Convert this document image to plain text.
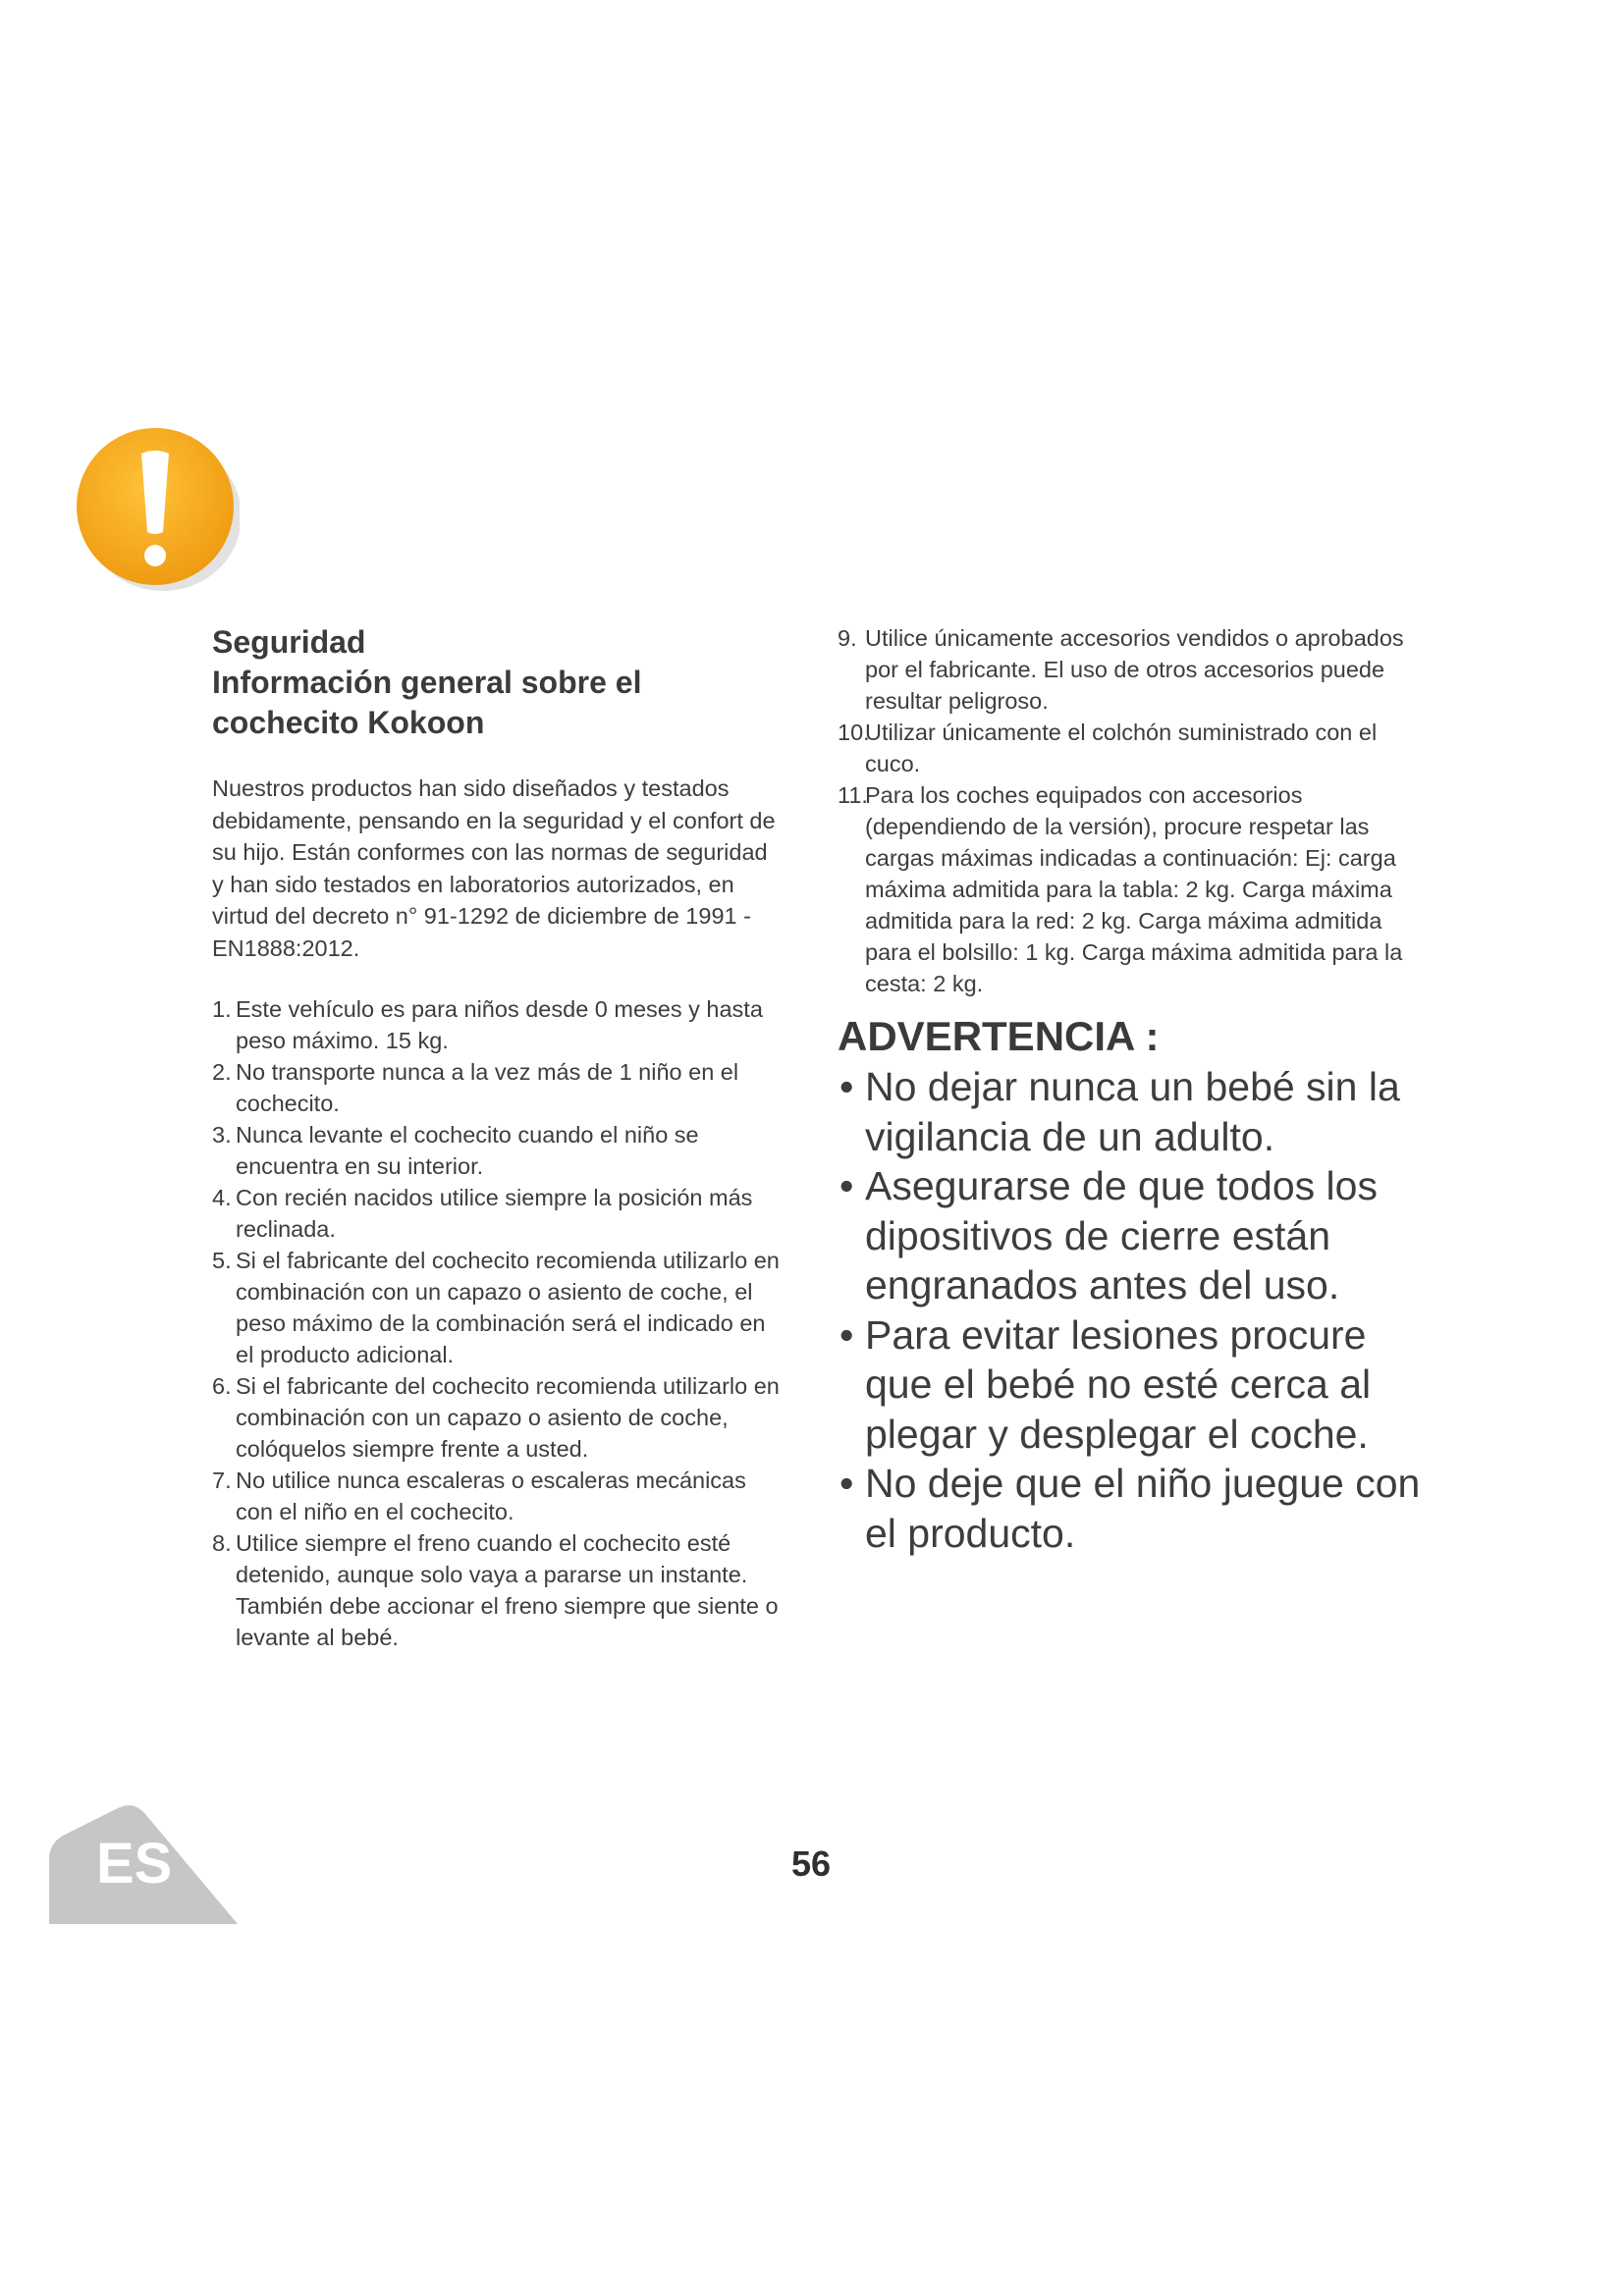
Seguridad
Información general sobre el
cochecito Kokoon

Nuestros productos han sido diseñados y testados debidamente, pensando en la seguridad y el confort de su hijo. Están conformes con las normas de seguridad y han sido testados en laboratorios autorizados, en virtud del decreto n° 91-1292 de diciembre de 1991 - EN1888:2012.

1. Este vehículo es para niños desde 0 meses y hasta peso máximo. 15 kg.
2. No transporte nunca a la vez más de 1 niño en el cochecito.
3. Nunca levante el cochecito cuando el niño se encuentra en su interior.
4. Con recién nacidos utilice siempre la posición más reclinada.
5. Si el fabricante del cochecito recomienda utilizarlo en combinación con un capazo o asiento de coche, el peso máximo de la combinación será el indicado en el producto adicional.
6. Si el fabricante del cochecito recomienda utilizarlo en combinación con un capazo o asiento de coche, colóquelos siempre frente a usted.
7. No utilice nunca escaleras o escaleras mecánicas con el niño en el cochecito.
8. Utilice siempre el freno cuando el cochecito esté detenido, aunque solo vaya a pararse un instante. También debe accionar el freno siempre que siente o levante al bebé.
9. Utilice únicamente accesorios vendidos o aprobados por el fabricante. El uso de otros accesorios puede resultar peligroso.
10.
Utilizar únicamente el colchón suministrado con el cuco.
11.
Para los coches equipados con accesorios (dependiendo de la versión), procure respetar las cargas máximas indicadas a continuación: Ej: carga máxima admitida para la tabla: 2 kg. Carga máxima admitida para la red: 2 kg. Carga máxima admitida para el bolsillo: 1 kg. Carga máxima admitida para la cesta: 2 kg.
ADVERTENCIA :
• No dejar nunca un bebé sin la vigilancia de un adulto.
• Asegurarse de que todos los dipositivos de cierre están engranados antes del uso.
• Para evitar lesiones procure que el bebé no esté cerca al plegar y desplegar el coche.
• No deje que el niño juegue con el producto.
ES	56
